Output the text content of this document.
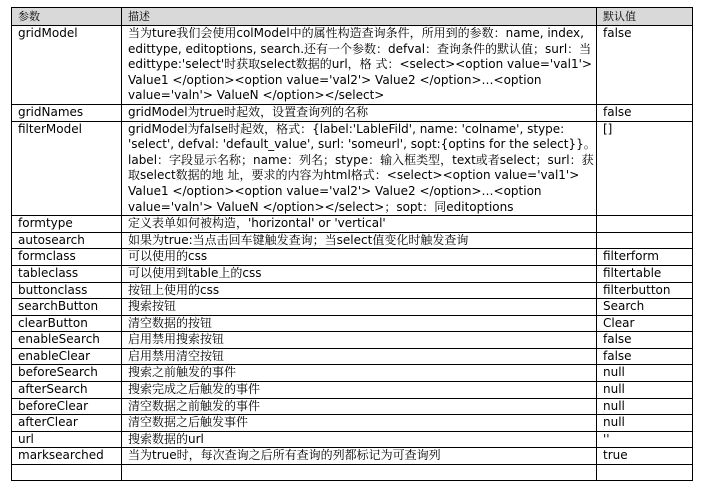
参数	描述	默认值
gridModel	当为ture我们会使用colModel中的属性构造查询条件，所用到的参数：name, index, edittype, editoptions, search.还有一个参数：defval：查询条件的默认值；surl：当edittype:'select'时获取select数据的url，格 式：<select><option value='val1'> Value1 </option><option value='val2'> Value2 </option>…<option value='valn'> ValueN </option></select>	false
gridNames	gridModel为true时起效，设置查询列的名称	false
filterModel	gridModel为false时起效，格式：{label:'LableFild', name: 'colname', stype: 'select', defval: 'default_value', surl: 'someurl', sopt:{optins for the select}}。label：字段显示名称；name：列名；stype：输入框类型，text或者select；surl：获取select数据的地 址，要求的内容为html格式：<select><option value='val1'> Value1 </option><option value='val2'> Value2 </option>…<option value='valn'> ValueN </option></select>；sopt：同editoptions	[]
formtype	定义表单如何被构造，'horizontal' or 'vertical'	
autosearch	如果为true:当点击回车键触发查询；当select值变化时触发查询	
formclass	可以使用的css	filterform
tableclass	可以使用到table上的css	filtertable
buttonclass	按钮上使用的css	filterbutton
searchButton	搜索按钮	Search
clearButton	清空数据的按钮	Clear
enableSearch	启用禁用搜索按钮	false
enableClear	启用禁用清空按钮	false
beforeSearch	搜索之前触发的事件	null
afterSearch	搜索完成之后触发的事件	null
beforeClear	清空数据之前触发的事件	null
afterClear	清空数据之后触发事件	null
url	搜索数据的url	''
marksearched	当为true时，每次查询之后所有查询的列都标记为可查询列	true
